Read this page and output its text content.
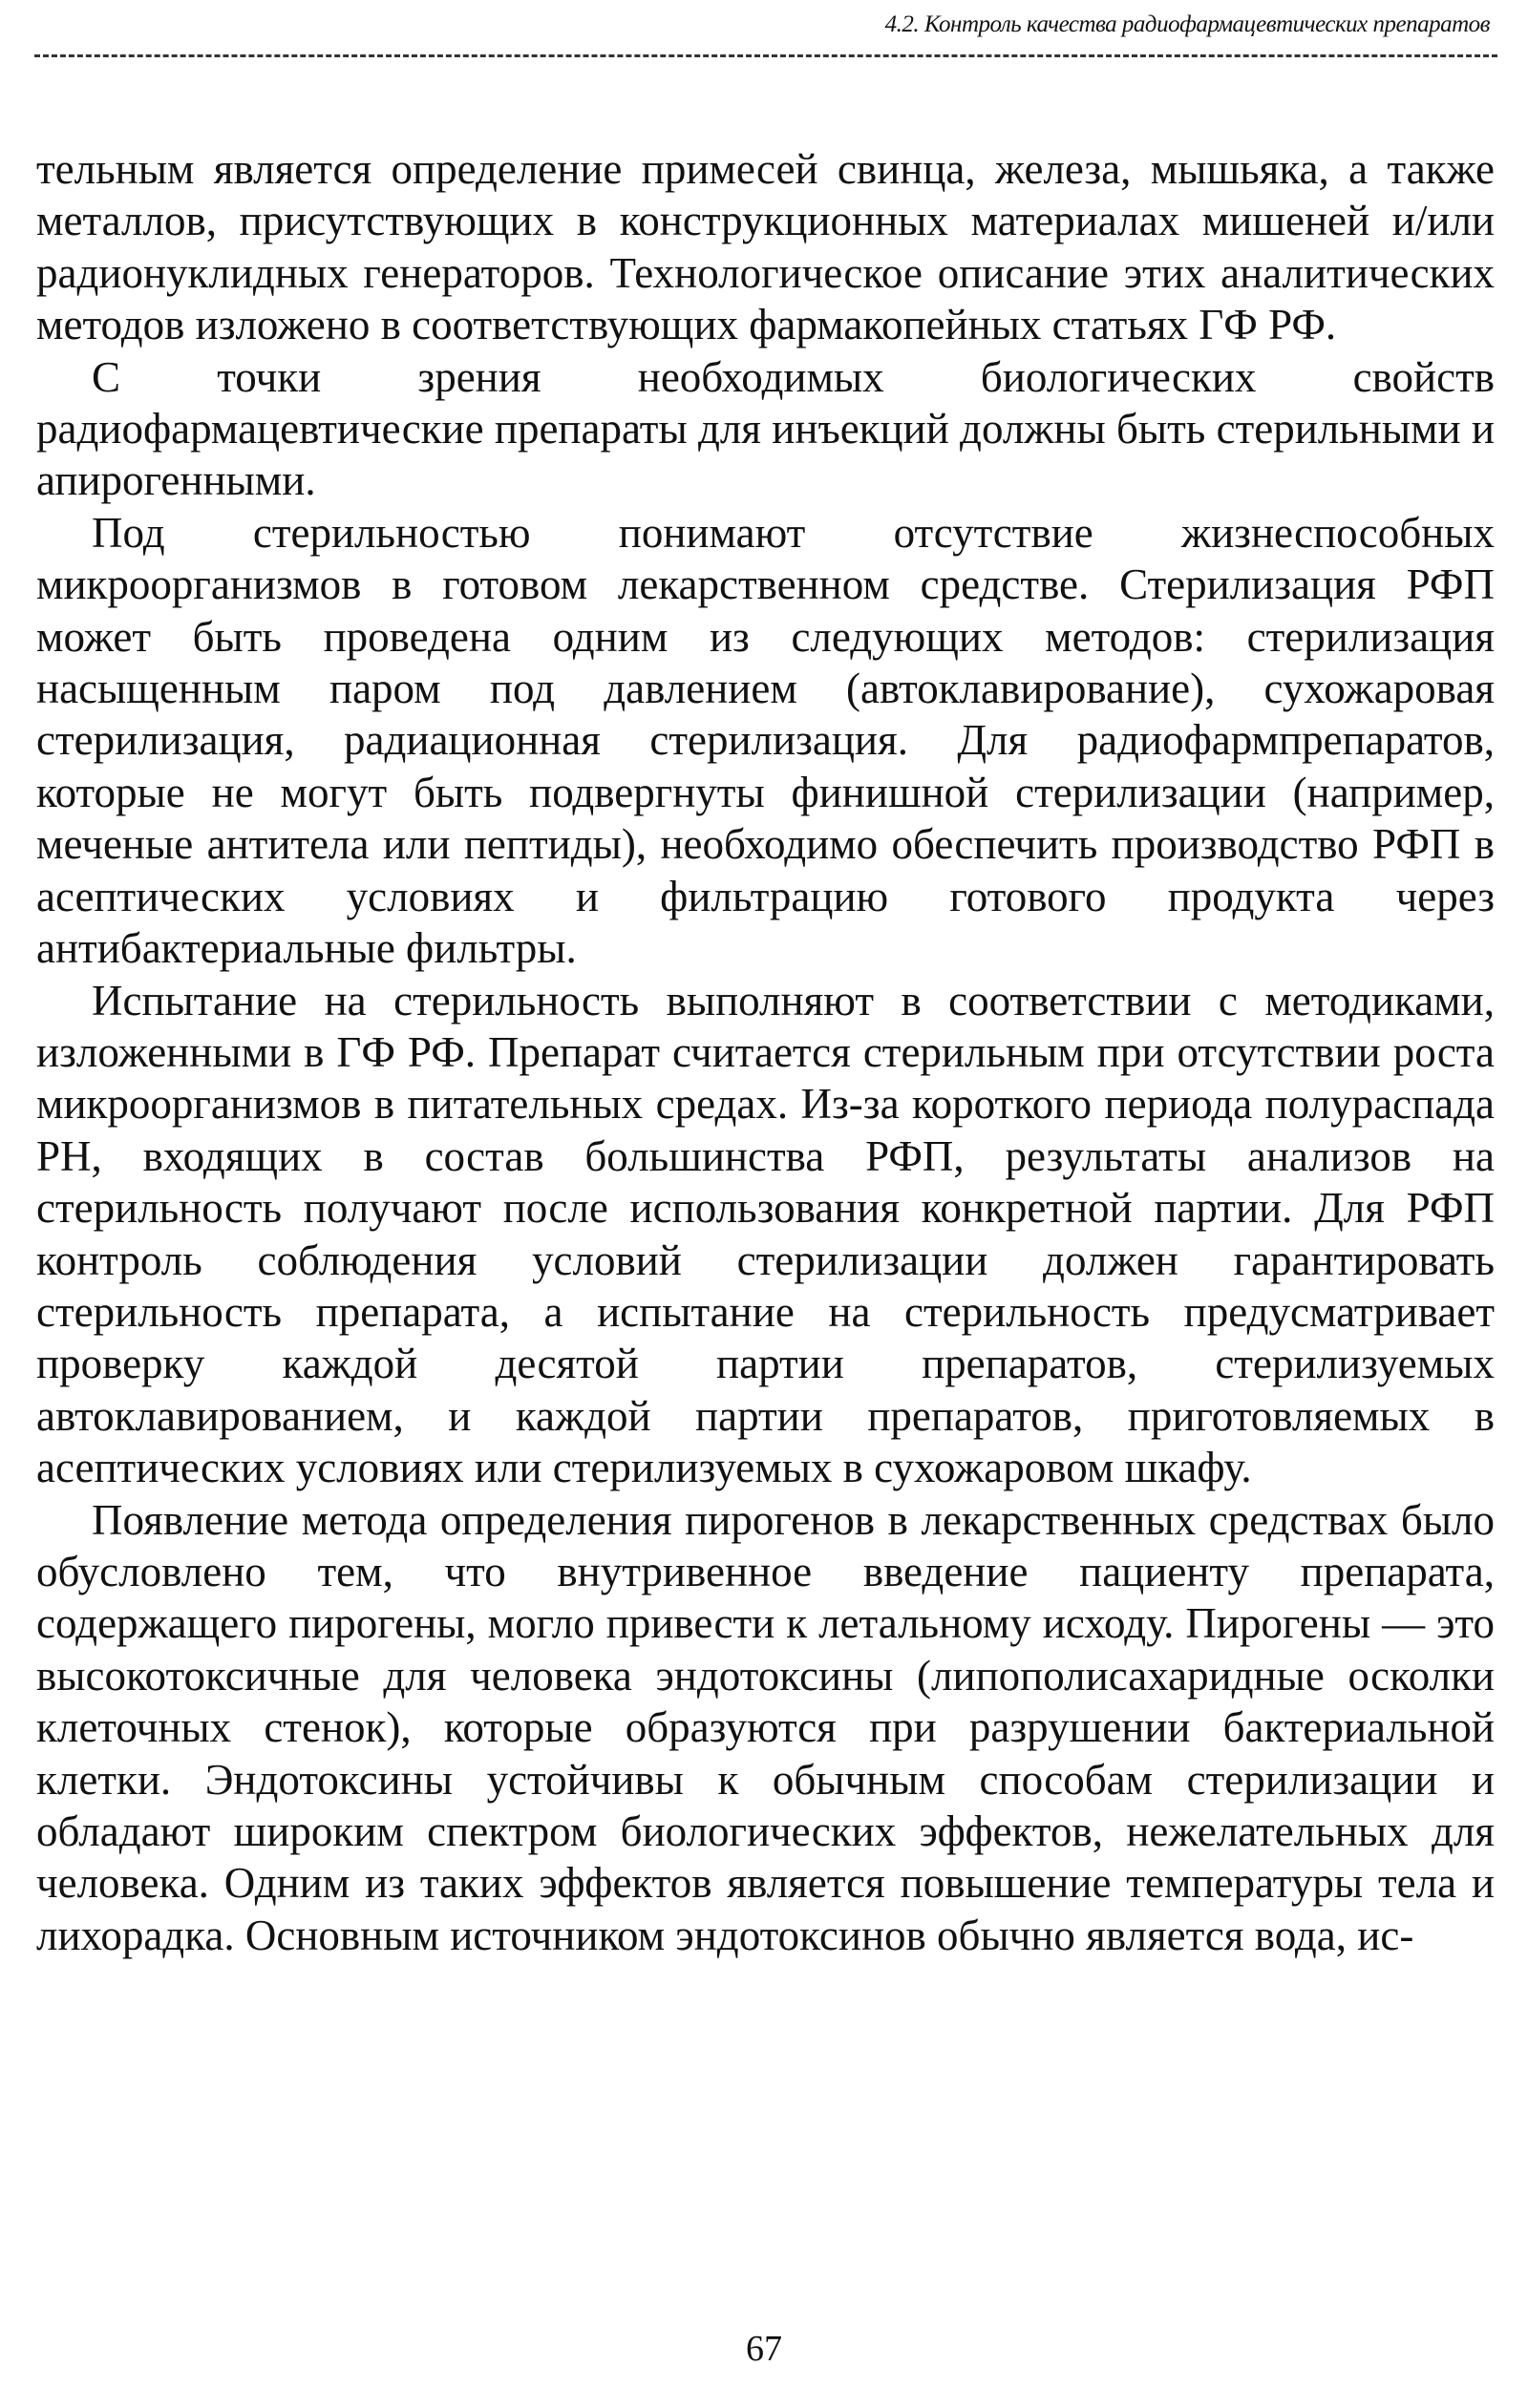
4.2. Контроль качества радиофармацевтических препаратов

тельным является определение примесей свинца, железа, мышьяка, а также металлов, присутствующих в конструкционных материалах мишеней и/или радионуклидных генераторов. Технологическое описание этих аналитических методов изложено в соответствующих фармакопейных статьях ГФ РФ.

С точки зрения необходимых биологических свойств радиофармацевтические препараты для инъекций должны быть стерильными и апирогенными.

Под стерильностью понимают отсутствие жизнеспособных микроорганизмов в готовом лекарственном средстве. Стерилизация РФП может быть проведена одним из следующих методов: стерилизация насыщенным паром под давлением (автоклавирование), сухожаровая стерилизация, радиационная стерилизация. Для радиофармпрепаратов, которые не могут быть подвергнуты финишной стерилизации (например, меченые антитела или пептиды), необходимо обеспечить производство РФП в асептических условиях и фильтрацию готового продукта через антибактериальные фильтры.

Испытание на стерильность выполняют в соответствии с методиками, изложенными в ГФ РФ. Препарат считается стерильным при отсутствии роста микроорганизмов в питательных средах. Из-за короткого периода полураспада РН, входящих в состав большинства РФП, результаты анализов на стерильность получают после использования конкретной партии. Для РФП контроль соблюдения условий стерилизации должен гарантировать стерильность препарата, а испытание на стерильность предусматривает проверку каждой десятой партии препаратов, стерилизуемых автоклавированием, и каждой партии препаратов, приготовляемых в асептических условиях или стерилизуемых в сухожаровом шкафу.

Появление метода определения пирогенов в лекарственных средствах было обусловлено тем, что внутривенное введение пациенту препарата, содержащего пирогены, могло привести к летальному исходу. Пирогены — это высокотоксичные для человека эндотоксины (липополисахаридные осколки клеточных стенок), которые образуются при разрушении бактериальной клетки. Эндотоксины устойчивы к обычным способам стерилизации и обладают широким спектром биологических эффектов, нежелательных для человека. Одним из таких эффектов является повышение температуры тела и лихорадка. Основным источником эндотоксинов обычно является вода, ис-

67
